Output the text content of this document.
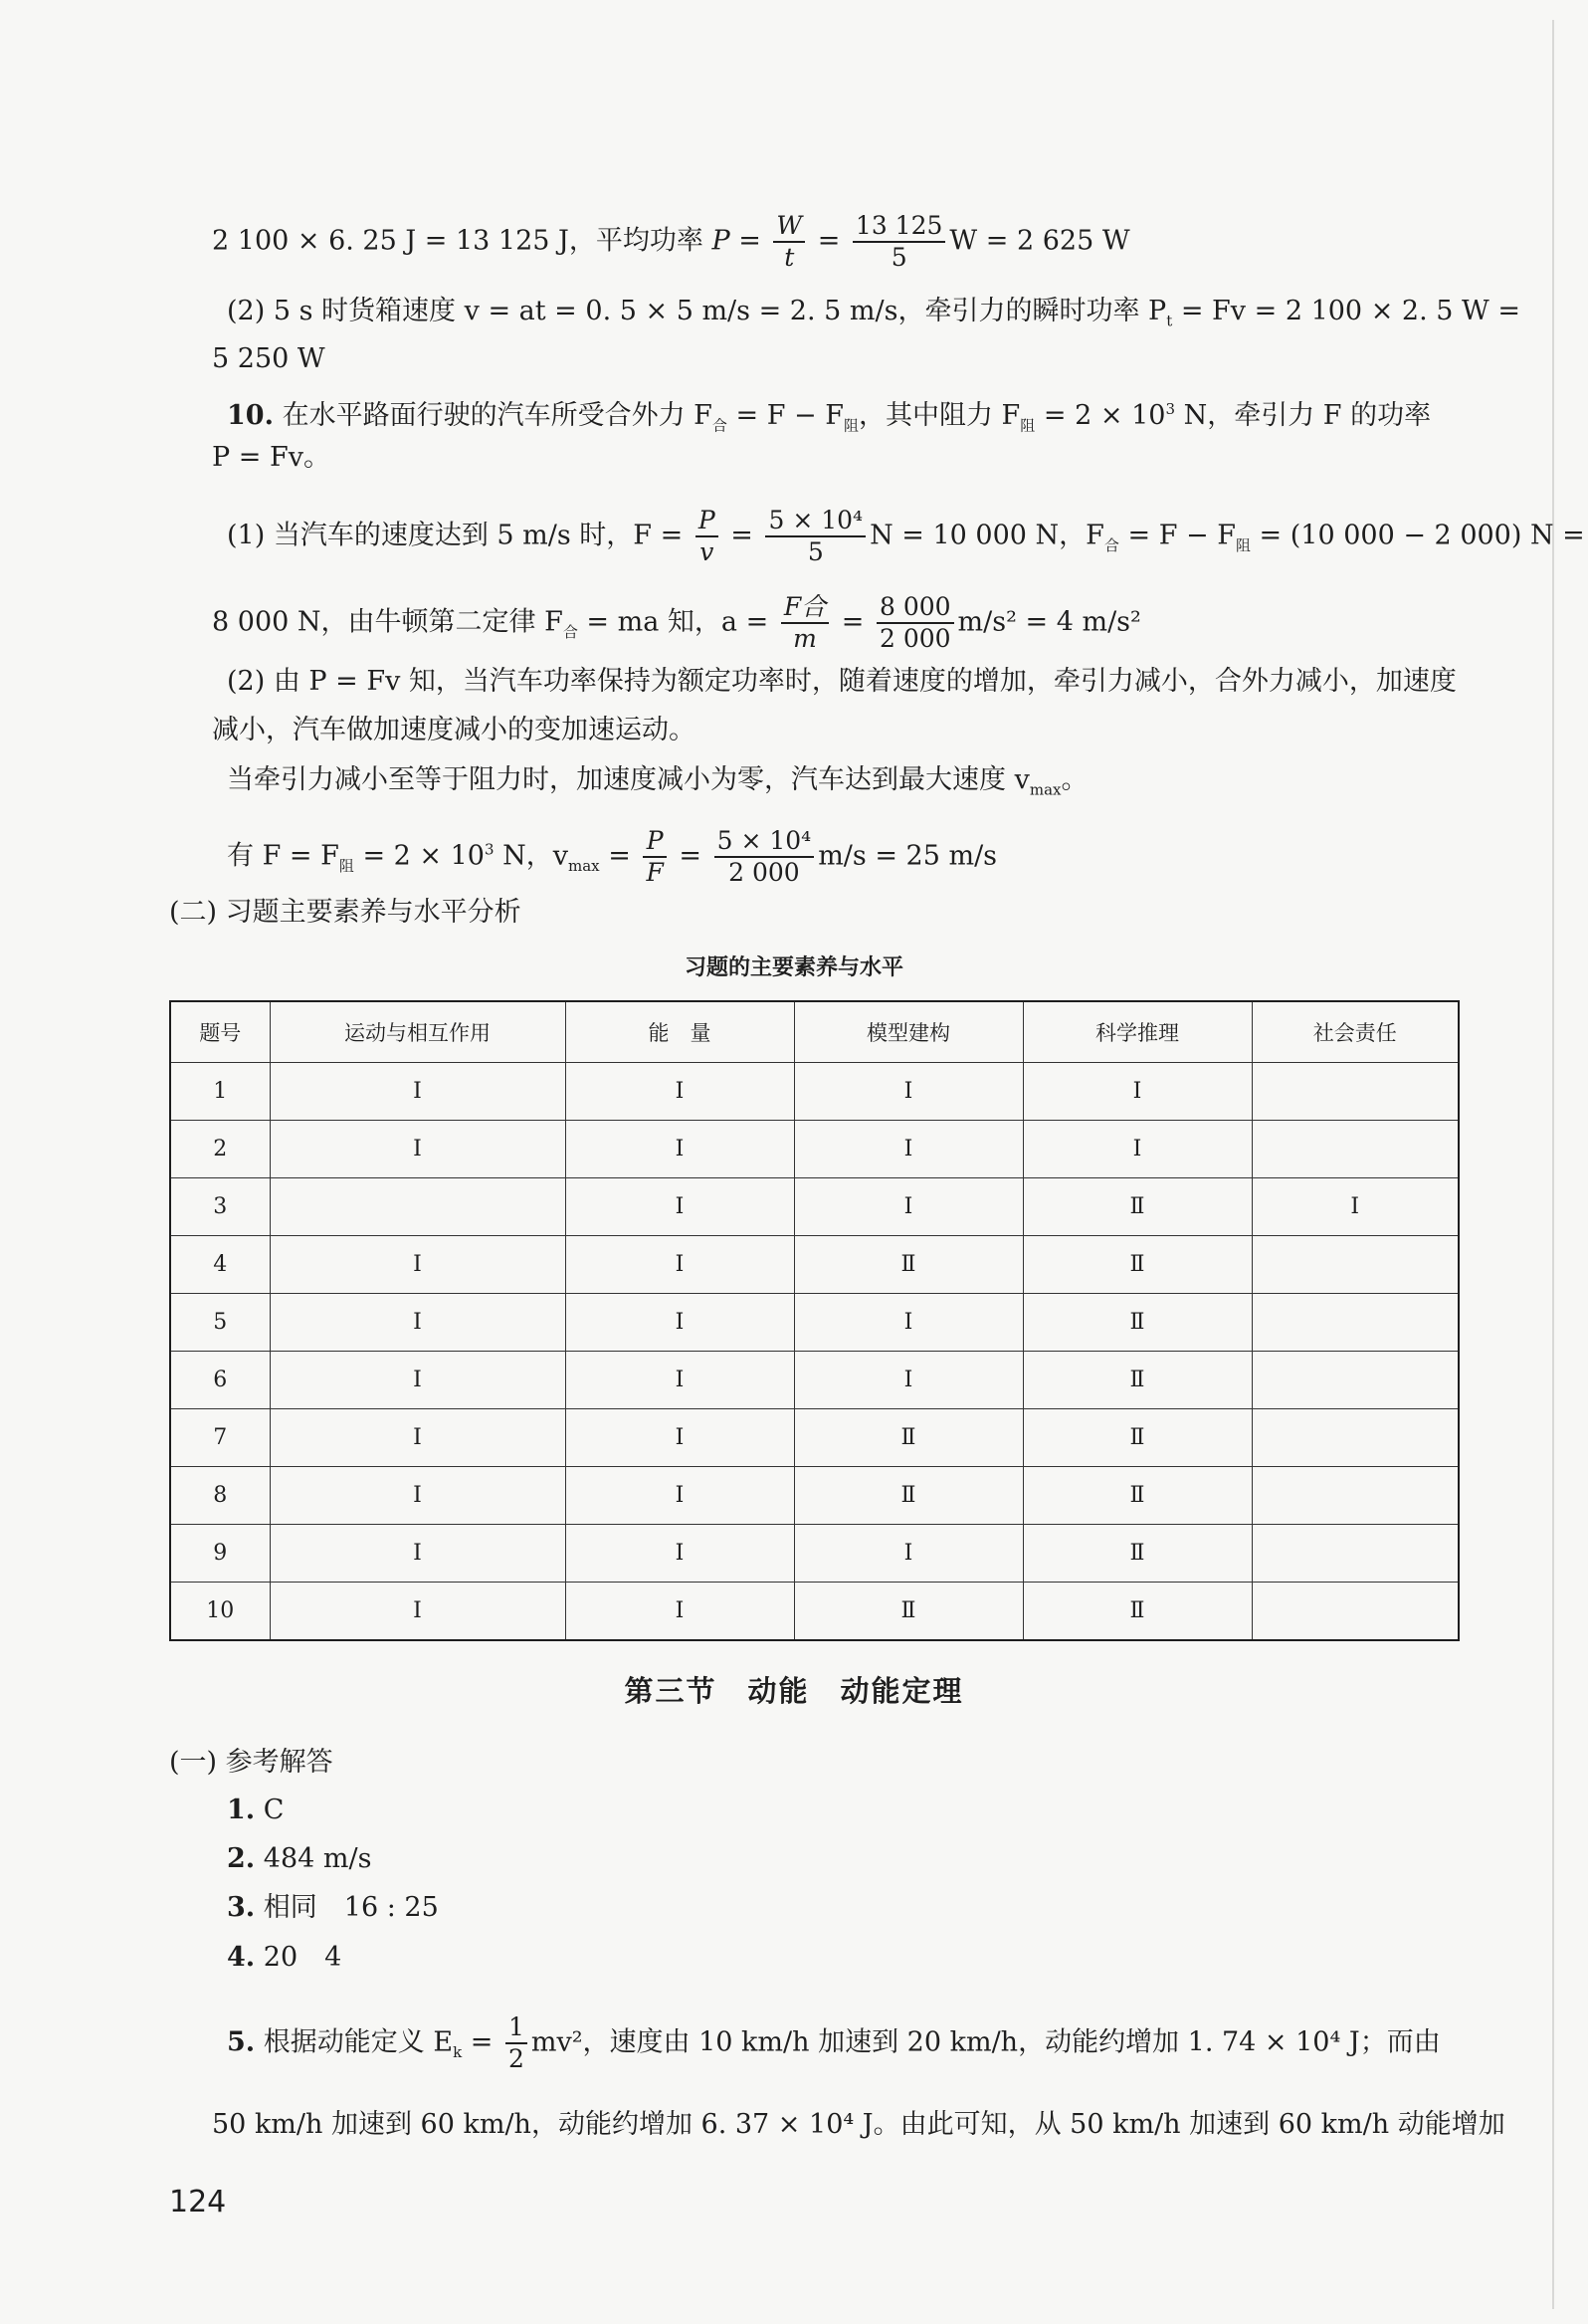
2 100 × 6. 25 J = 13 125 J，平均功率 $P = \frac{W}{t} = \frac{13 125}{5}$ W = 2 625 W
(2) 5 s 时货箱速度 v = at = 0. 5 × 5 m/s = 2. 5 m/s，牵引力的瞬时功率 $P_t = Fv = 2$ 100 × 2. 5 W =
5 250 W
10. 在水平路面行驶的汽车所受合外力 $F_合 = F - F_阻$，其中阻力 $F_阻 = 2 \times 10^3$ N，牵引力 F 的功率
P = Fv。
(1) 当汽车的速度达到 5 m/s 时，$F = \frac{P}{v} = \frac{\text{5 × 10⁴}}{5}$ N = 10 000 N，$F_合 = F - F_阻 = (10$ 000 − 2 000) N =
8 000 N，由牛顿第二定律 $F_合$ = ma 知，$a = \frac{\text{F合}}{m} = \frac{8 000}{2 000} m/s^2 = 4$ m/s²
(2) 由 P = Fv 知，当汽车功率保持为额定功率时，随着速度的增加，牵引力减小，合外力减小，加速度
减小，汽车做加速度减小的变加速运动。
当牵引力减小至等于阻力时，加速度减小为零，汽车达到最大速度 $v_{max}$。
有 $F = F_阻 = 2 \times 10^3$ N，$v_{max} = \frac{P}{F} = \frac{\text{5 × 10⁴}}{2 000} m/s = 25$ m/s
(二) 习题主要素养与水平分析
习题的主要素养与水平
题号	运动与相互作用	能　量	模型建构	科学推理	社会责任
1	Ⅰ	Ⅰ	Ⅰ	Ⅰ	
2	Ⅰ	Ⅰ	Ⅰ	Ⅰ	
3		Ⅰ	Ⅰ	Ⅱ	Ⅰ
4	Ⅰ	Ⅰ	Ⅱ	Ⅱ	
5	Ⅰ	Ⅰ	Ⅰ	Ⅱ	
6	Ⅰ	Ⅰ	Ⅰ	Ⅱ	
7	Ⅰ	Ⅰ	Ⅱ	Ⅱ	
8	Ⅰ	Ⅰ	Ⅱ	Ⅱ	
9	Ⅰ	Ⅰ	Ⅰ	Ⅱ	
10	Ⅰ	Ⅰ	Ⅱ	Ⅱ	
第三节　动能　动能定理
(一) 参考解答
1. C
2. 484 m/s
3. 相同　16 : 25
4. 20　4
5. 根据动能定义 $E_k = \frac{1}{2} mv^2$，速度由 10 km/h 加速到 20 km/h，动能约增加 1. 74 × 10⁴ J；而由
50 km/h 加速到 60 km/h，动能约增加 6. 37 × 10⁴ J。由此可知，从 50 km/h 加速到 60 km/h 动能增加
124
